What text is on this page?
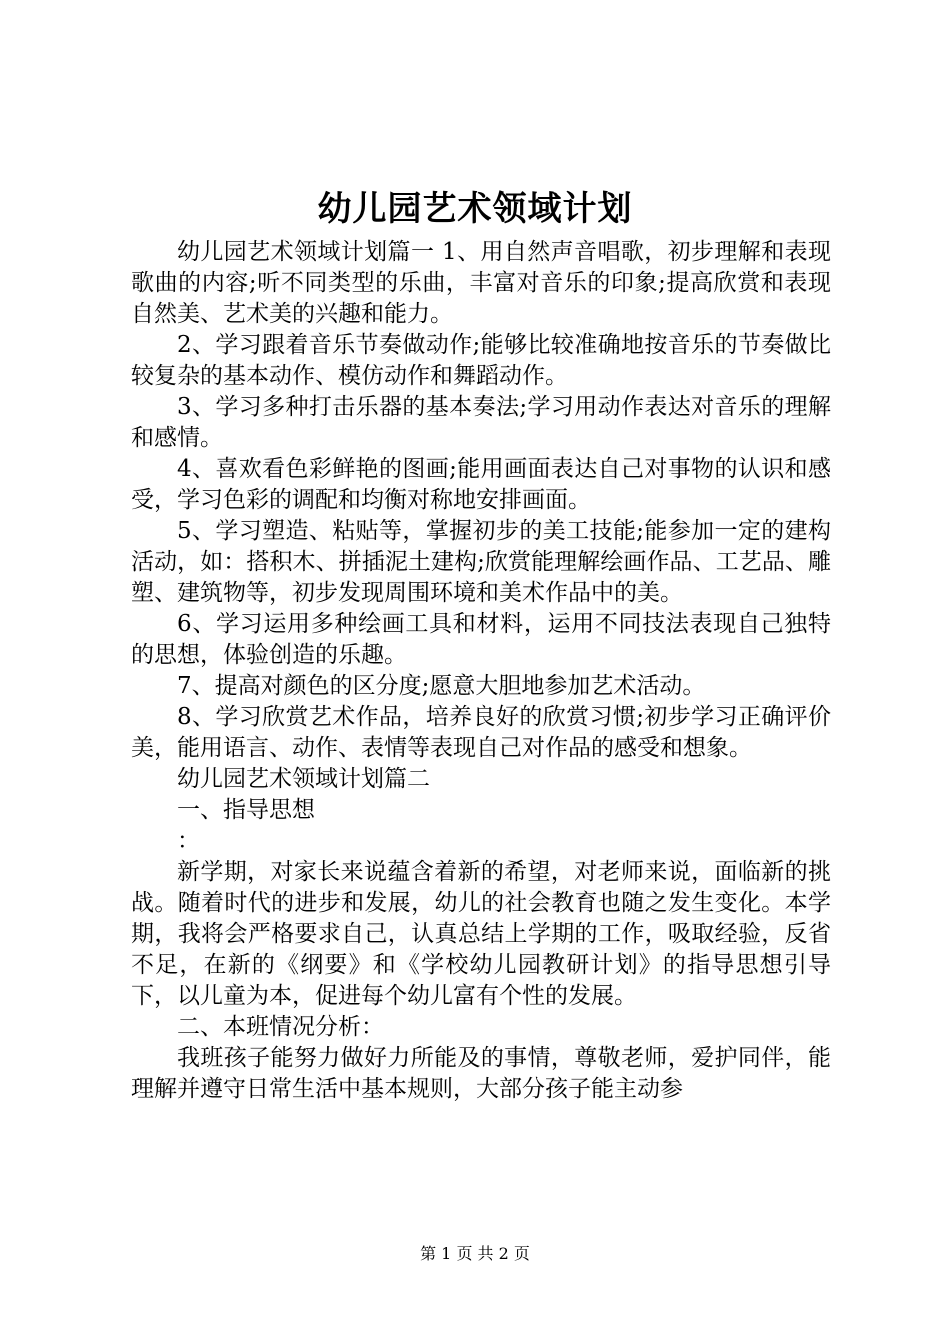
幼儿园艺术领域计划

幼儿园艺术领域计划篇一 1、用自然声音唱歌，初步理解和表现歌曲的内容;听不同类型的乐曲，丰富对音乐的印象;提高欣赏和表现自然美、艺术美的兴趣和能力。

2、学习跟着音乐节奏做动作;能够比较准确地按音乐的节奏做比较复杂的基本动作、模仿动作和舞蹈动作。

3、学习多种打击乐器的基本奏法;学习用动作表达对音乐的理解和感情。

4、喜欢看色彩鲜艳的图画;能用画面表达自己对事物的认识和感受，学习色彩的调配和均衡对称地安排画面。

5、学习塑造、粘贴等，掌握初步的美工技能;能参加一定的建构活动，如：搭积木、拼插泥土建构;欣赏能理解绘画作品、工艺品、雕塑、建筑物等，初步发现周围环境和美术作品中的美。

6、学习运用多种绘画工具和材料，运用不同技法表现自己独特的思想，体验创造的乐趣。

7、提高对颜色的区分度;愿意大胆地参加艺术活动。

8、学习欣赏艺术作品，培养良好的欣赏习惯;初步学习正确评价美，能用语言、动作、表情等表现自己对作品的感受和想象。

幼儿园艺术领域计划篇二

一、指导思想

：

新学期，对家长来说蕴含着新的希望，对老师来说，面临新的挑战。随着时代的进步和发展，幼儿的社会教育也随之发生变化。本学期，我将会严格要求自己，认真总结上学期的工作，吸取经验，反省不足，在新的《纲要》和《学校幼儿园教研计划》的指导思想引导下，以儿童为本，促进每个幼儿富有个性的发展。

二、本班情况分析：

我班孩子能努力做好力所能及的事情，尊敬老师，爱护同伴，能理解并遵守日常生活中基本规则，大部分孩子能主动参

第 1 页 共 2 页
